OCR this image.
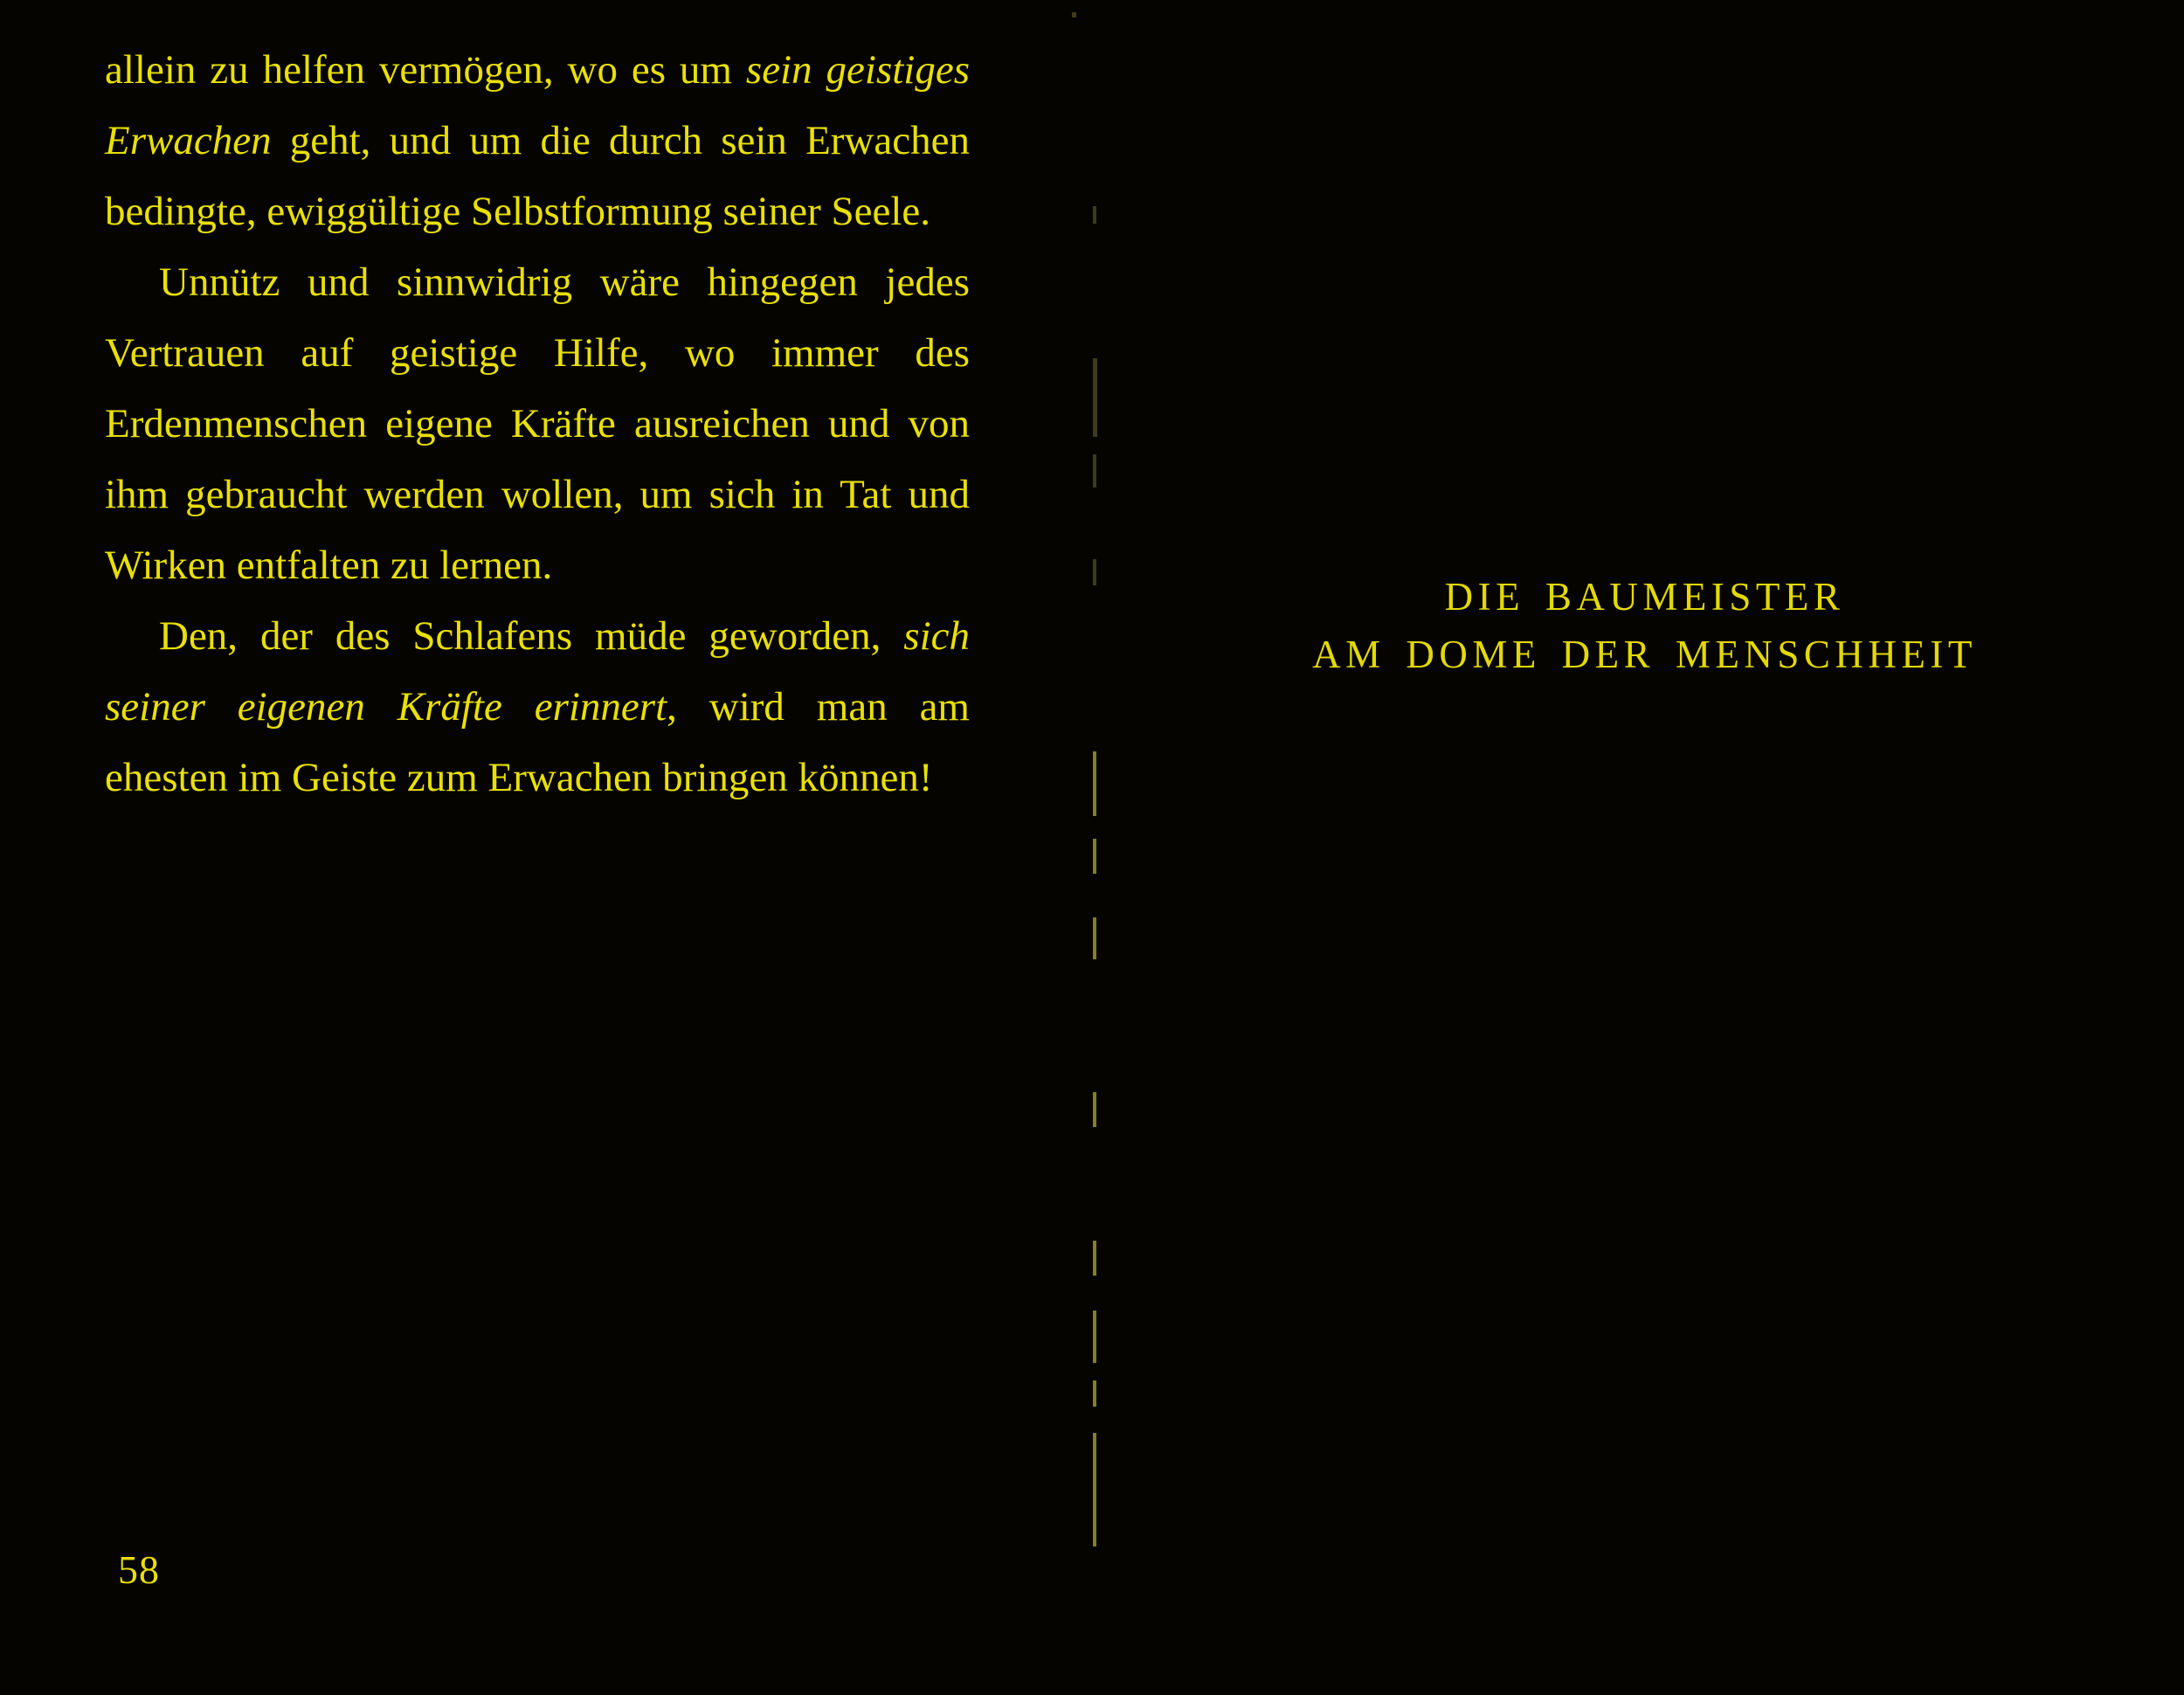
allein zu helfen vermögen, wo es um sein geistiges Erwachen geht, und um die durch sein Erwachen bedingte, ewiggültige Selbstformung seiner Seele.

Unnütz und sinnwidrig wäre hingegen jedes Vertrauen auf geistige Hilfe, wo immer des Erdenmenschen eigene Kräfte ausreichen und von ihm gebraucht werden wollen, um sich in Tat und Wirken entfalten zu lernen.

Den, der des Schlafens müde geworden, sich seiner eigenen Kräfte erinnert, wird man am ehesten im Geiste zum Erwachen bringen können!

58
DIE BAUMEISTER
AM DOME DER MENSCHHEIT
